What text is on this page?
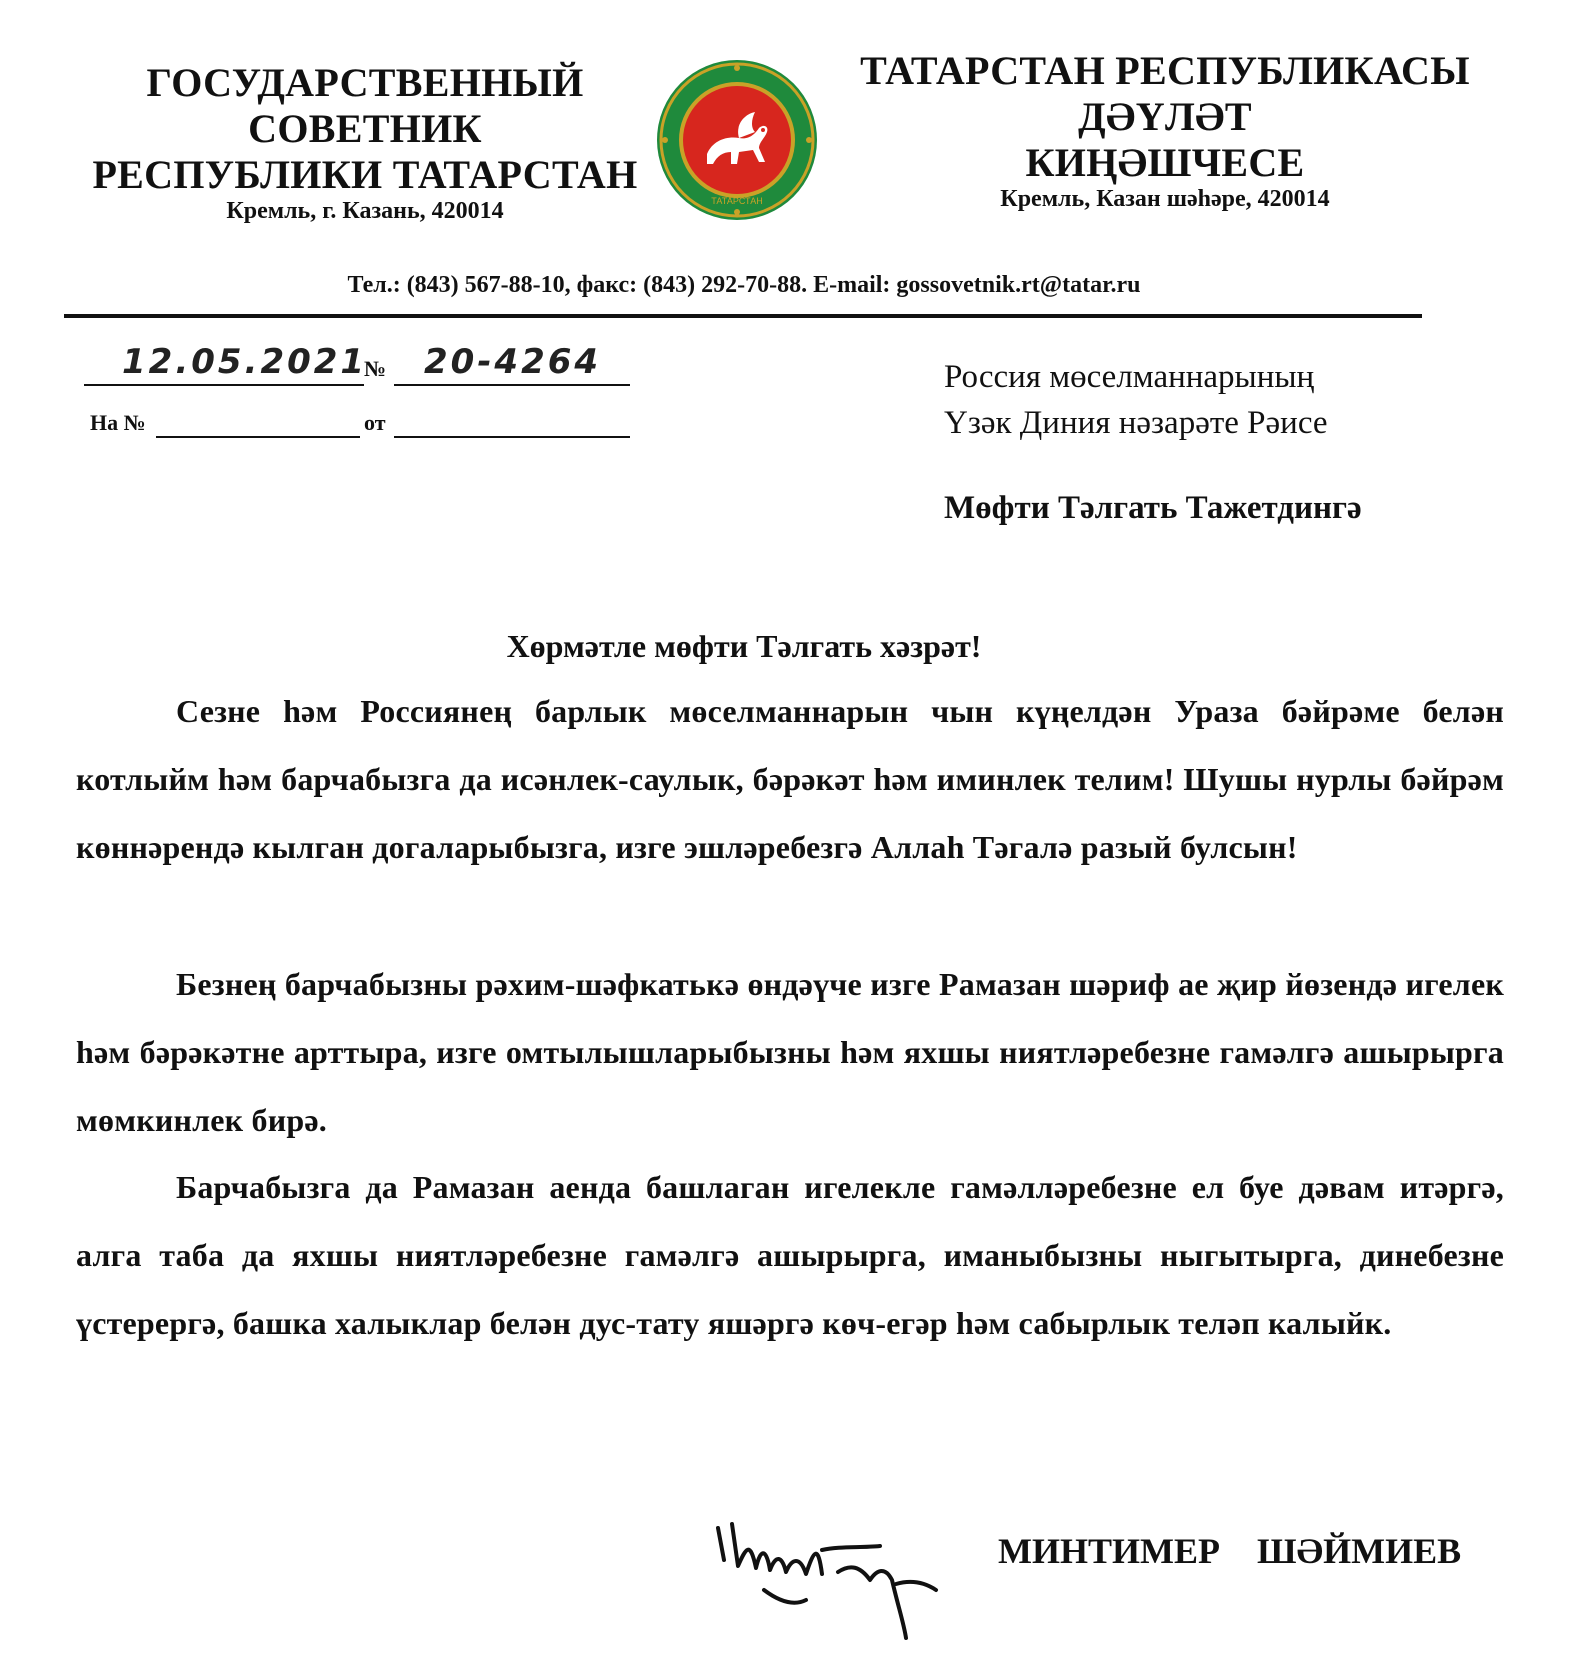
ГОСУДАРСТВЕННЫЙ
СОВЕТНИК
РЕСПУБЛИКИ ТАТАРСТАН
Кремль, г. Казань, 420014	ТАТАРСТАН
ТАТАРСТАН РЕСПУБЛИКАСЫ
ДӘҮЛӘТ
КИҢӘШЧЕСЕ
Кремль, Казан шәһәре, 420014
Тел.: (843) 567-88-10, факс: (843) 292-70-88. E-mail: gossovetnik.rt@tatar.ru
12.05.2021
№ 20-4264
На №	от
Россия мөселманнарының
Үзәк Диния нәзарәте Рәисе
Мөфти Тәлгать Тажетдингә
Хөрмәтле мөфти Тәлгать хәзрәт!
Сезне һәм Россиянең барлык мөселманнарын чын күңелдән Ураза бәйрәме белән котлыйм һәм барчабызга да исәнлек-саулык, бәрәкәт һәм иминлек телим! Шушы нурлы бәйрәм көннәрендә кылган догаларыбызга, изге эшләребезгә Аллаһ Тәгалә разый булсын!
Безнең барчабызны рәхим-шәфкатькә өндәүче изге Рамазан шәриф ае җир йөзендә игелек һәм бәрәкәтне арттыра, изге омтылышларыбызны һәм яхшы ниятләребезне гамәлгә ашырырга мөмкинлек бирә.
Барчабызга да Рамазан аенда башлаган игелекле гамәлләребезне ел буе дәвам итәргә, алга таба да яхшы ниятләребезне гамәлгә ашырырга, иманыбызны ныгытырга, динебезне үстерергә, башка халыклар белән дус-тату яшәргә көч-егәр һәм сабырлык теләп калыйк.
МИНТИМЕР ШӘЙМИЕВ
